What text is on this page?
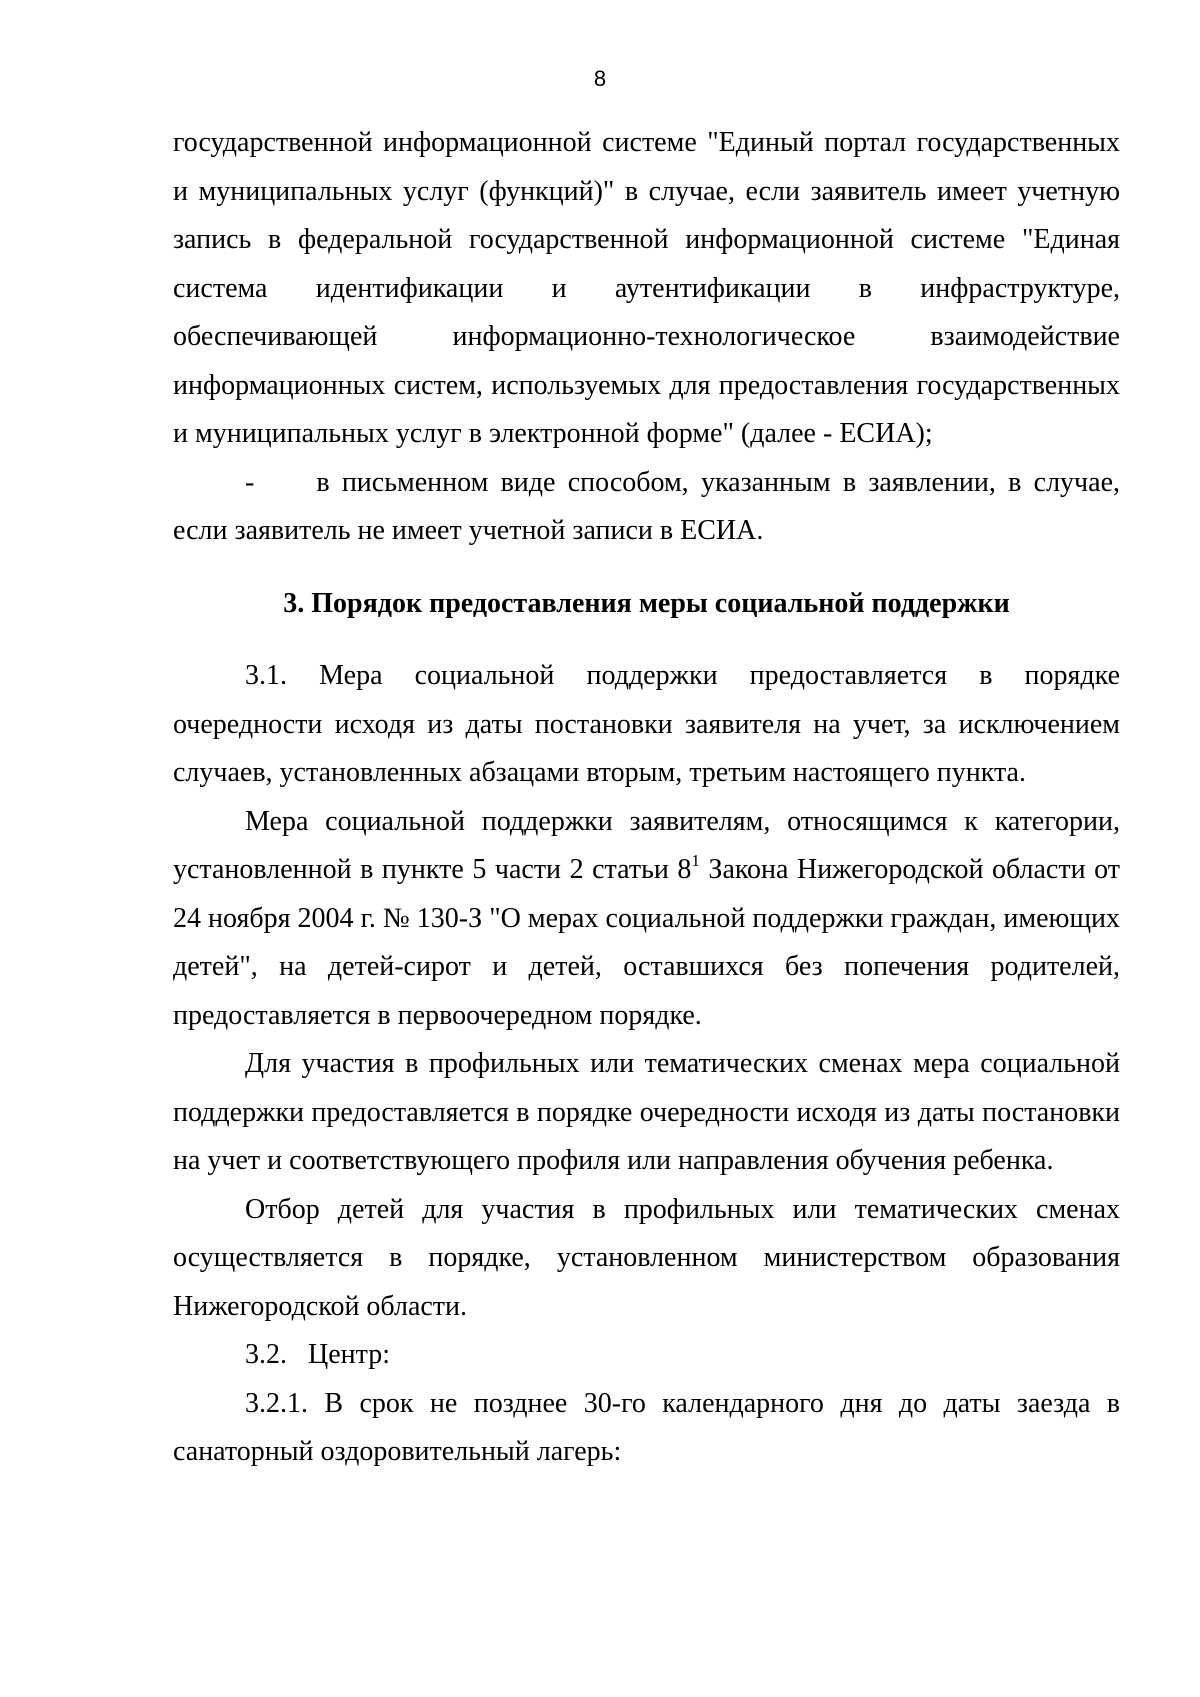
8

государственной информационной системе "Единый портал государственных и муниципальных услуг (функций)" в случае, если заявитель имеет учетную запись в федеральной государственной информационной системе "Единая система идентификации и аутентификации в инфраструктуре, обеспечивающей информационно-технологическое взаимодействие информационных систем, используемых для предоставления государственных и муниципальных услуг в электронной форме" (далее - ЕСИА);

- в письменном виде способом, указанным в заявлении, в случае, если заявитель не имеет учетной записи в ЕСИА.

3. Порядок предоставления меры социальной поддержки

3.1. Мера социальной поддержки предоставляется в порядке очередности исходя из даты постановки заявителя на учет, за исключением случаев, установленных абзацами вторым, третьим настоящего пункта.

Мера социальной поддержки заявителям, относящимся к категории, установленной в пункте 5 части 2 статьи $8^1$ Закона Нижегородской области от 24 ноября 2004 г. № 130-З "О мерах социальной поддержки граждан, имеющих детей", на детей-сирот и детей, оставшихся без попечения родителей, предоставляется в первоочередном порядке.

Для участия в профильных или тематических сменах мера социальной поддержки предоставляется в порядке очередности исходя из даты постановки на учет и соответствующего профиля или направления обучения ребенка.

Отбор детей для участия в профильных или тематических сменах осуществляется в порядке, установленном министерством образования Нижегородской области.

3.2.   Центр:

3.2.1. В срок не позднее 30-го календарного дня до даты заезда в санаторный оздоровительный лагерь:
